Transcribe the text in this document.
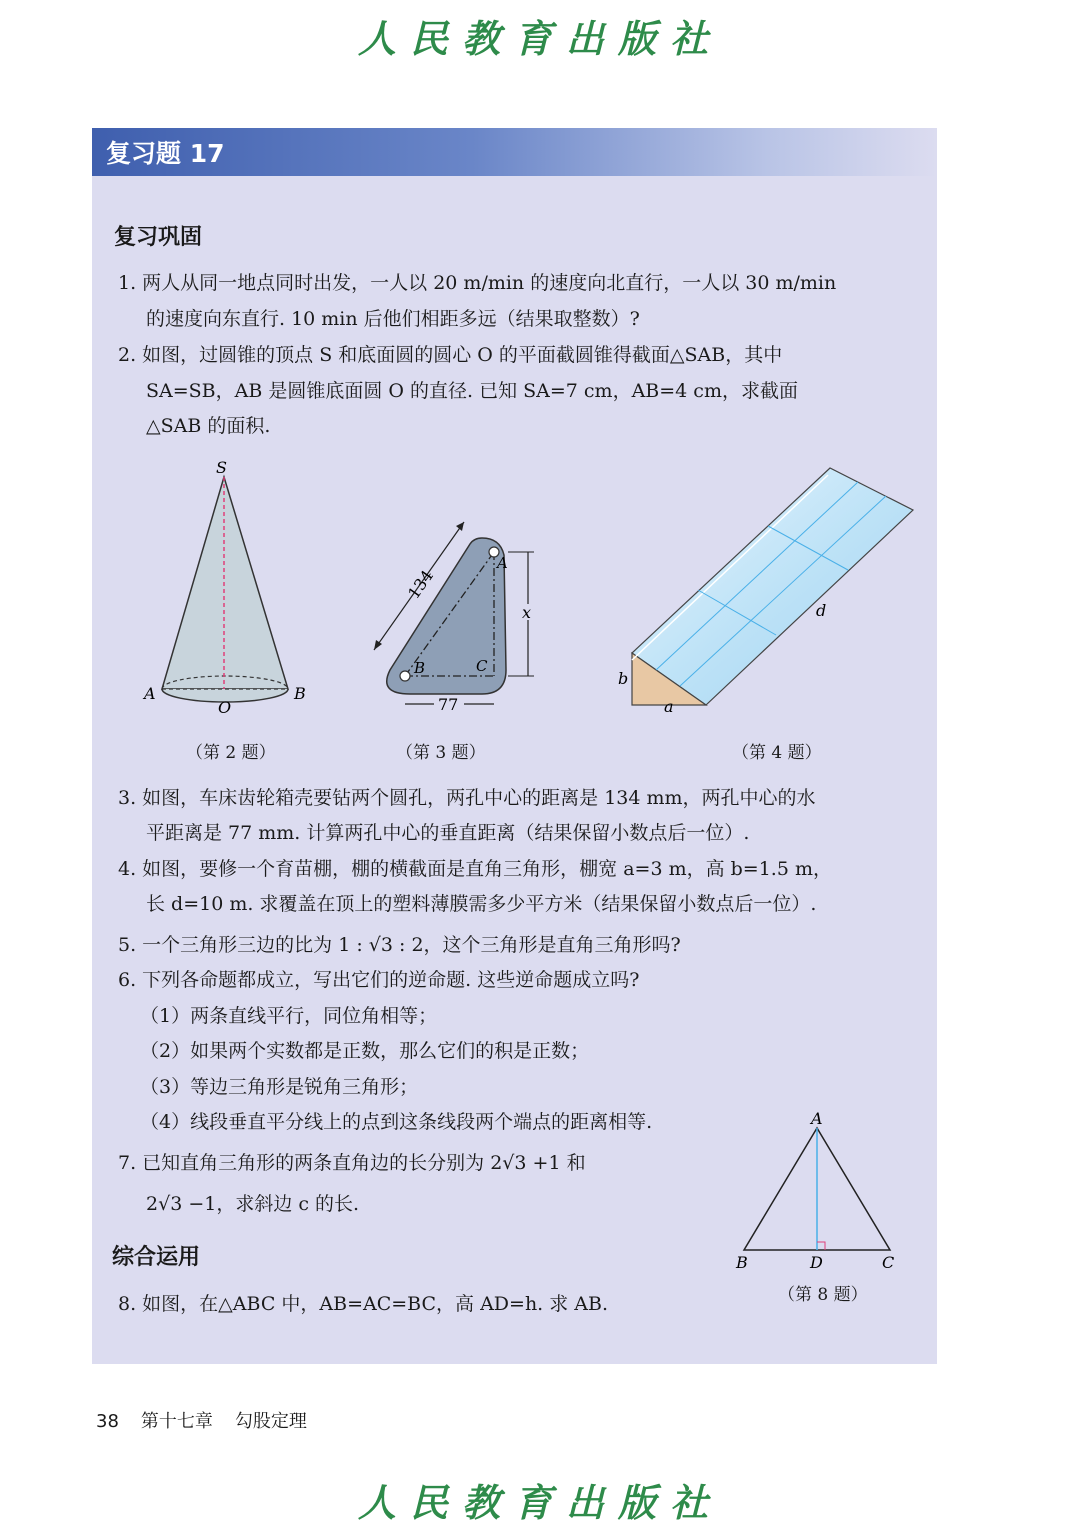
人民教育出版社
复习题 17
复习巩固
1. 两人从同一地点同时出发，一人以 20 m/min 的速度向北直行，一人以 30 m/min
的速度向东直行. 10 min 后他们相距多远（结果取整数）?
2. 如图，过圆锥的顶点 S 和底面圆的圆心 O 的平面截圆锥得截面△SAB，其中
SA=SB，AB 是圆锥底面圆 O 的直径. 已知 SA=7 cm，AB=4 cm，求截面
△SAB 的面积.
S
A	B
O
134
77
x
A
B	C
a
b
d
（第 2 题）	（第 3 题）	（第 4 题）
3. 如图，车床齿轮箱壳要钻两个圆孔，两孔中心的距离是 134 mm，两孔中心的水
平距离是 77 mm. 计算两孔中心的垂直距离（结果保留小数点后一位）.
4. 如图，要修一个育苗棚，棚的横截面是直角三角形，棚宽 a=3 m，高 b=1.5 m，
长 d=10 m. 求覆盖在顶上的塑料薄膜需多少平方米（结果保留小数点后一位）.
5. 一个三角形三边的比为 1 : √3 : 2，这个三角形是直角三角形吗?
6. 下列各命题都成立，写出它们的逆命题. 这些逆命题成立吗?
（1）两条直线平行，同位角相等；
（2）如果两个实数都是正数，那么它们的积是正数；
（3）等边三角形是锐角三角形；
（4）线段垂直平分线上的点到这条线段两个端点的距离相等.
7. 已知直角三角形的两条直角边的长分别为 2√3 +1 和
2√3 −1，求斜边 c 的长.
综合运用
8. 如图，在△ABC 中，AB=AC=BC，高 AD=h. 求 AB.
A
B	C
D
（第 8 题）
38 第十七章 勾股定理
人民教育出版社
